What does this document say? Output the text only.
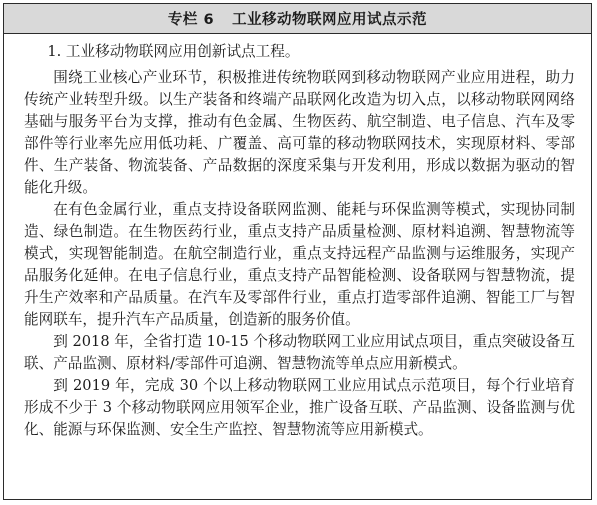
专栏 6 工业移动物联网应用试点示范

1. 工业移动物联网应用创新试点工程。

围绕工业核心产业环节，积极推进传统物联网到移动物联网产业应用进程，助力传统产业转型升级。以生产装备和终端产品联网化改造为切入点，以移动物联网网络基础与服务平台为支撑，推动有色金属、生物医药、航空制造、电子信息、汽车及零部件等行业率先应用低功耗、广覆盖、高可靠的移动物联网技术，实现原材料、零部件、生产装备、物流装备、产品数据的深度采集与开发利用，形成以数据为驱动的智能化升级。

在有色金属行业，重点支持设备联网监测、能耗与环保监测等模式，实现协同制造、绿色制造。在生物医药行业，重点支持产品质量检测、原材料追溯、智慧物流等模式，实现智能制造。在航空制造行业，重点支持远程产品监测与运维服务，实现产品服务化延伸。在电子信息行业，重点支持产品智能检测、设备联网与智慧物流，提升生产效率和产品质量。在汽车及零部件行业，重点打造零部件追溯、智能工厂与智能网联车，提升汽车产品质量，创造新的服务价值。

到 2018 年，全省打造 10-15 个移动物联网工业应用试点项目，重点突破设备互联、产品监测、原材料/零部件可追溯、智慧物流等单点应用新模式。

到 2019 年，完成 30 个以上移动物联网工业应用试点示范项目，每个行业培育形成不少于 3 个移动物联网应用领军企业，推广设备互联、产品监测、设备监测与优化、能源与环保监测、安全生产监控、智慧物流等应用新模式。
